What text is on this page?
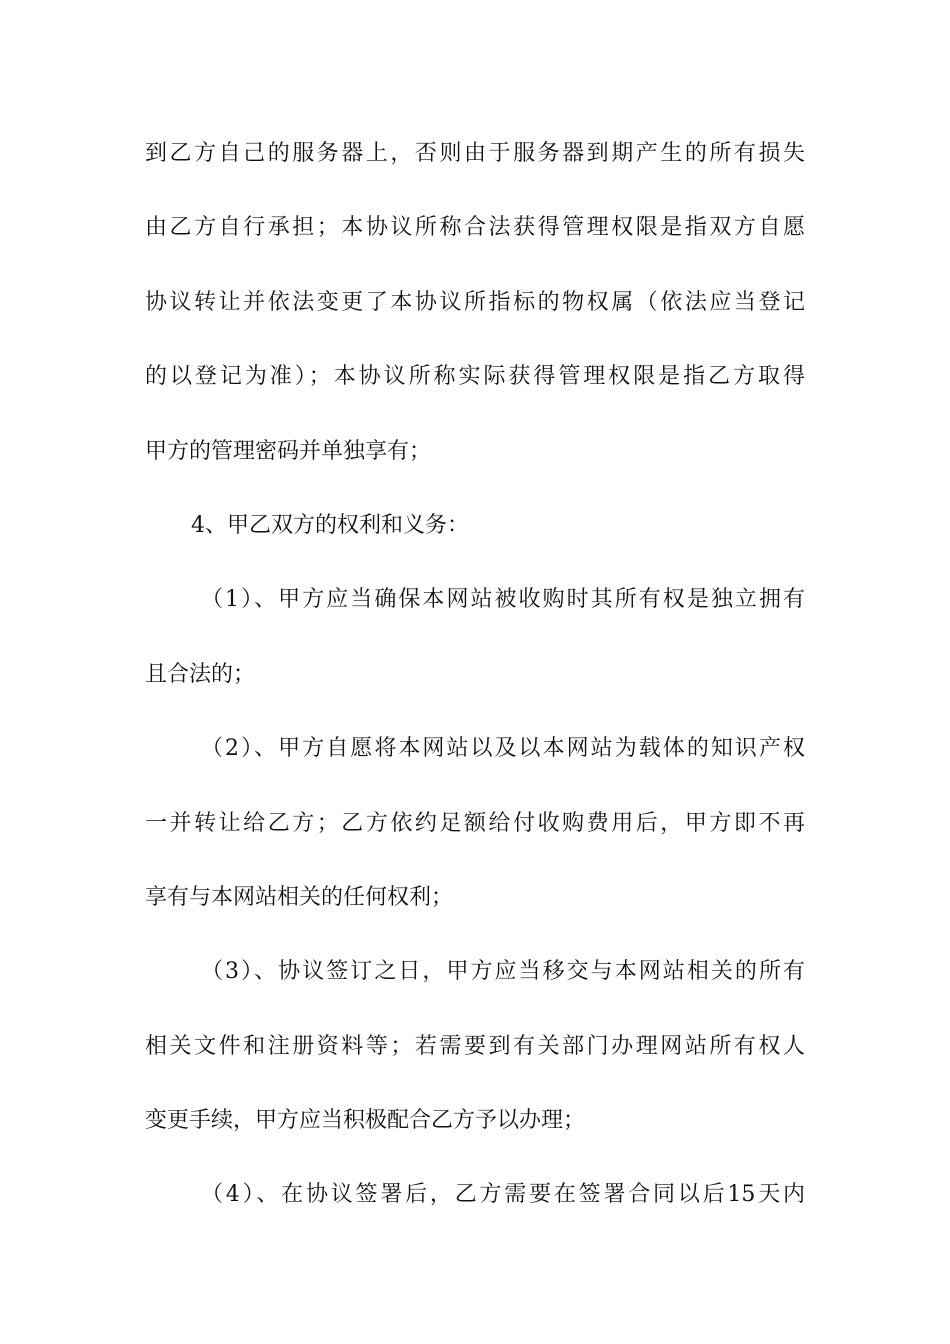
到乙方自己的服务器上，否则由于服务器到期产生的所有损失
由乙方自行承担；本协议所称合法获得管理权限是指双方自愿
协议转让并依法变更了本协议所指标的物权属（依法应当登记
的以登记为准）；本协议所称实际获得管理权限是指乙方取得
甲方的管理密码并单独享有；
4、甲乙双方的权利和义务：
（1）、甲方应当确保本网站被收购时其所有权是独立拥有
且合法的；
（2）、甲方自愿将本网站以及以本网站为载体的知识产权
一并转让给乙方；乙方依约足额给付收购费用后，甲方即不再
享有与本网站相关的任何权利；
（3）、协议签订之日，甲方应当移交与本网站相关的所有
相关文件和注册资料等；若需要到有关部门办理网站所有权人
变更手续，甲方应当积极配合乙方予以办理；
（4）、在协议签署后，乙方需要在签署合同以后15天内
